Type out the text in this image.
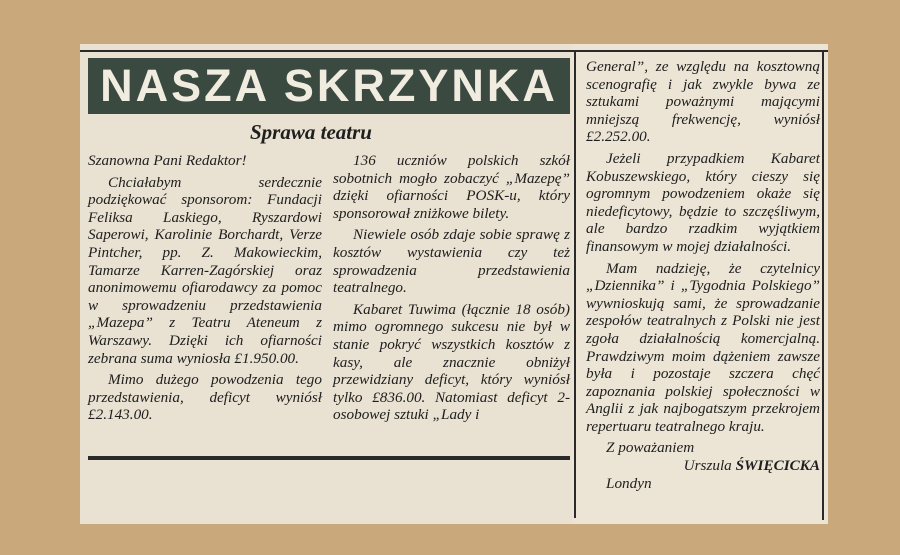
NASZA SKRZYNKA
Sprawa teatru

Szanowna Pani Redaktor!

Chciałabym serdecznie podziękować sponsorom: Fundacji Feliksa Laskiego, Ryszardowi Saperowi, Karolinie Borchardt, Verze Pintcher, pp. Z. Makowieckim, Tamarze Karren-Zagórskiej oraz anonimowemu ofiarodawcy za pomoc w sprowadzeniu przedstawienia „Mazepa” z Teatru Ateneum z Warszawy. Dzięki ich ofiarności zebrana suma wyniosła £1.950.00.

Mimo dużego powodzenia tego przedstawienia, deficyt wyniósł £2.143.00.

136 uczniów polskich szkół sobotnich mogło zobaczyć „Mazepę” dzięki ofiarności POSK-u, który sponsorował zniżkowe bilety.

Niewiele osób zdaje sobie sprawę z kosztów wystawienia czy też sprowadzenia przedstawienia teatralnego.

Kabaret Tuwima (łącznie 18 osób) mimo ogromnego sukcesu nie był w stanie pokryć wszystkich kosztów z kasy, ale znacznie obniżył przewidziany deficyt, który wyniósł tylko £836.00. Natomiast deficyt 2-osobowej sztuki „Lady i

General”, ze względu na kosztowną scenografię i jak zwykle bywa ze sztukami poważnymi mającymi mniejszą frekwencję, wyniósł £2.252.00.

Jeżeli przypadkiem Kabaret Kobuszewskiego, który cieszy się ogromnym powodzeniem okaże się niedeficytowy, będzie to szczęśliwym, ale bardzo rzadkim wyjątkiem finansowym w mojej działalności.

Mam nadzieję, że czytelnicy „Dziennika” i „Tygodnia Polskiego” wywnioskują sami, że sprowadzanie zespołów teatralnych z Polski nie jest zgoła działalnością komercjalną. Prawdziwym moim dążeniem zawsze była i pozostaje szczera chęć zapoznania polskiej społeczności w Anglii z jak najbogatszym przekrojem repertuaru teatralnego kraju.

Z poważaniem

Urszula ŚWIĘCICKA

Londyn
